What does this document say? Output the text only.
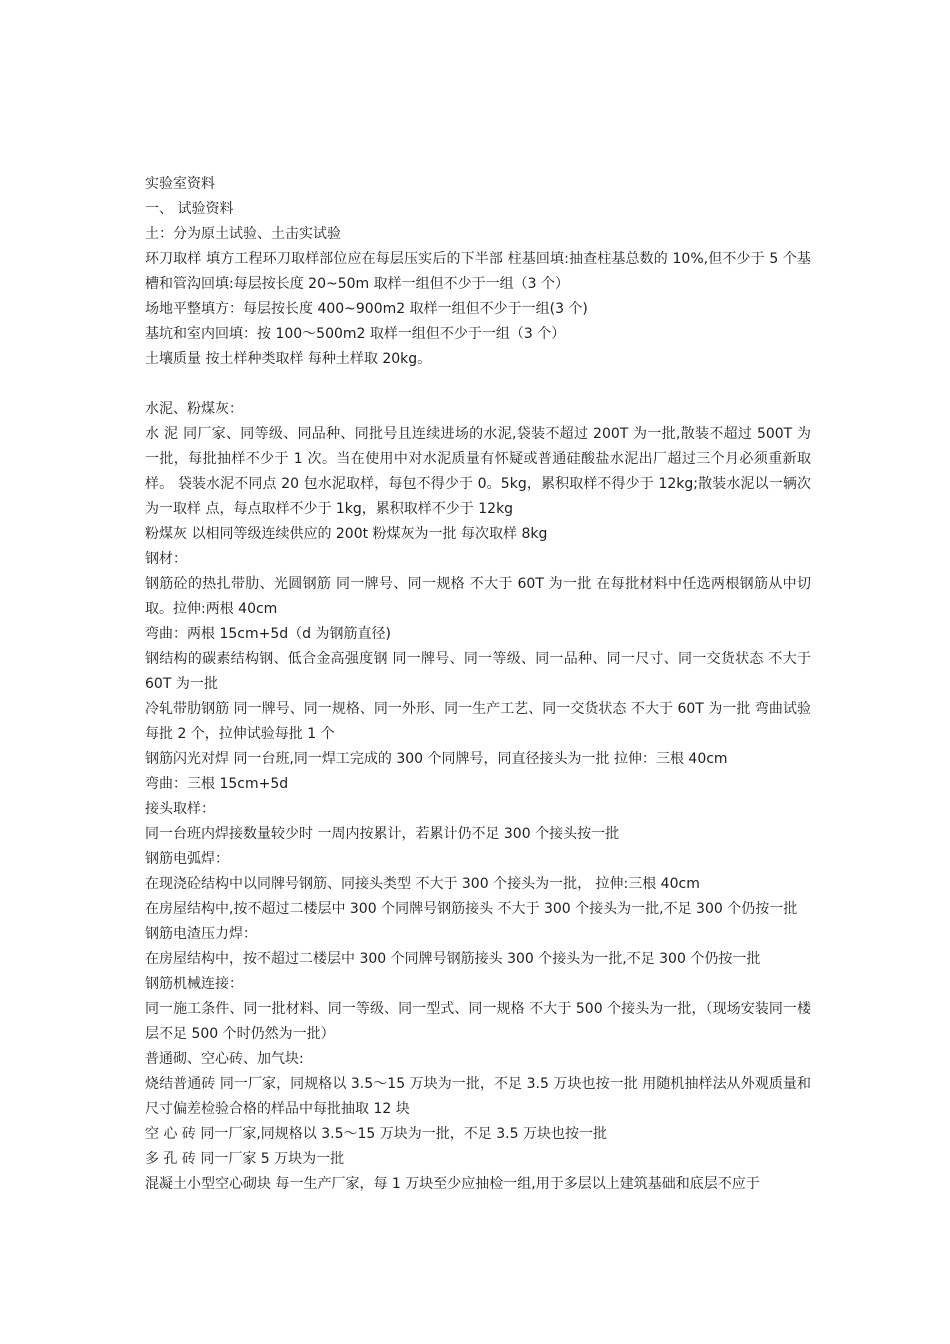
实验室资料

一、 试验资料

土：分为原土试验、土击实试验

环刀取样 填方工程环刀取样部位应在每层压实后的下半部 柱基回填:抽查柱基总数的 10%,但不少于 5 个基槽和管沟回填:每层按长度 20~50m 取样一组但不少于一组（3 个）

场地平整填方：每层按长度 400~900m2 取样一组但不少于一组(3 个)

基坑和室内回填：按 100～500m2 取样一组但不少于一组（3 个）

土壤质量 按土样种类取样 每种土样取 20kg。

水泥、粉煤灰：

水 泥 同厂家、同等级、同品种、同批号且连续进场的水泥,袋装不超过 200T 为一批,散装不超过 500T 为一批，每批抽样不少于 1 次。当在使用中对水泥质量有怀疑或普通硅酸盐水泥出厂超过三个月必须重新取样。 袋装水泥不同点 20 包水泥取样，每包不得少于 0。5kg，累积取样不得少于 12kg;散装水泥以一辆次为一取样 点，每点取样不少于 1kg，累积取样不少于 12kg

粉煤灰 以相同等级连续供应的 200t 粉煤灰为一批 每次取样 8kg

钢材：

钢筋砼的热扎带肋、光圆钢筋 同一牌号、同一规格 不大于 60T 为一批 在每批材料中任选两根钢筋从中切取。拉伸:两根 40cm

弯曲：两根 15cm+5d（d 为钢筋直径)

钢结构的碳素结构钢、低合金高强度钢 同一牌号、同一等级、同一品种、同一尺寸、同一交货状态 不大于 60T 为一批

冷轧带肋钢筋 同一牌号、同一规格、同一外形、同一生产工艺、同一交货状态 不大于 60T 为一批 弯曲试验每批 2 个，拉伸试验每批 1 个

钢筋闪光对焊 同一台班,同一焊工完成的 300 个同牌号，同直径接头为一批 拉伸：三根 40cm

弯曲：三根 15cm+5d

接头取样：

同一台班内焊接数量较少时 一周内按累计，若累计仍不足 300 个接头按一批

钢筋电弧焊：

在现浇砼结构中以同牌号钢筋、同接头类型 不大于 300 个接头为一批， 拉伸:三根 40cm

在房屋结构中,按不超过二楼层中 300 个同牌号钢筋接头 不大于 300 个接头为一批,不足 300 个仍按一批

钢筋电渣压力焊：

在房屋结构中，按不超过二楼层中 300 个同牌号钢筋接头 300 个接头为一批,不足 300 个仍按一批

钢筋机械连接：

同一施工条件、同一批材料、同一等级、同一型式、同一规格 不大于 500 个接头为一批，（现场安装同一楼层不足 500 个时仍然为一批）

普通砌、空心砖、加气块:

烧结普通砖 同一厂家，同规格以 3.5～15 万块为一批，不足 3.5 万块也按一批 用随机抽样法从外观质量和尺寸偏差检验合格的样品中每批抽取 12 块

空 心 砖 同一厂家,同规格以 3.5～15 万块为一批，不足 3.5 万块也按一批

多 孔 砖 同一厂家 5 万块为一批

混凝土小型空心砌块 每一生产厂家，每 1 万块至少应抽检一组,用于多层以上建筑基础和底层不应于
